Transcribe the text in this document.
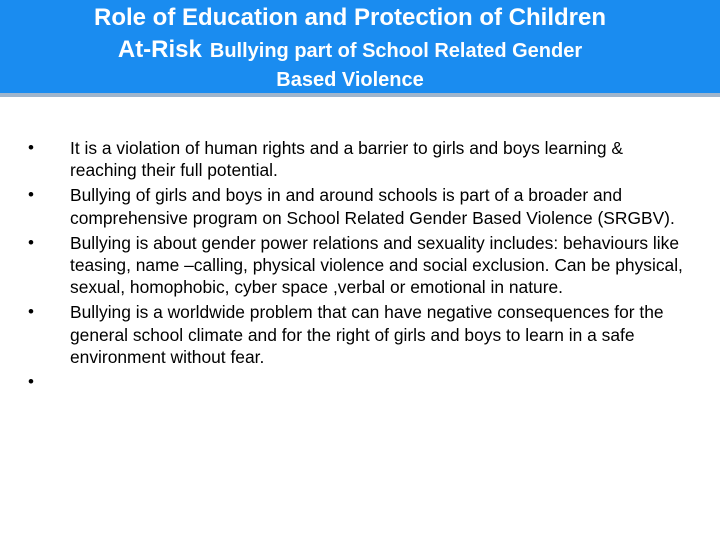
Role of Education and Protection of Children
At-Risk Bullying part of School Related Gender
Based Violence
• It is a violation of human rights and a barrier to girls and boys learning & reaching their full potential.
• Bullying of girls and boys in and around schools is part of a broader and comprehensive program on School Related Gender Based Violence (SRGBV).
• Bullying is about gender power relations and sexuality includes: behaviours like teasing, name –calling, physical violence and social exclusion. Can be physical, sexual, homophobic, cyber space ,verbal or emotional in nature.
• Bullying is a worldwide problem that can have negative consequences for the general school climate and for the right of girls and boys to learn in a safe environment without fear.
•
